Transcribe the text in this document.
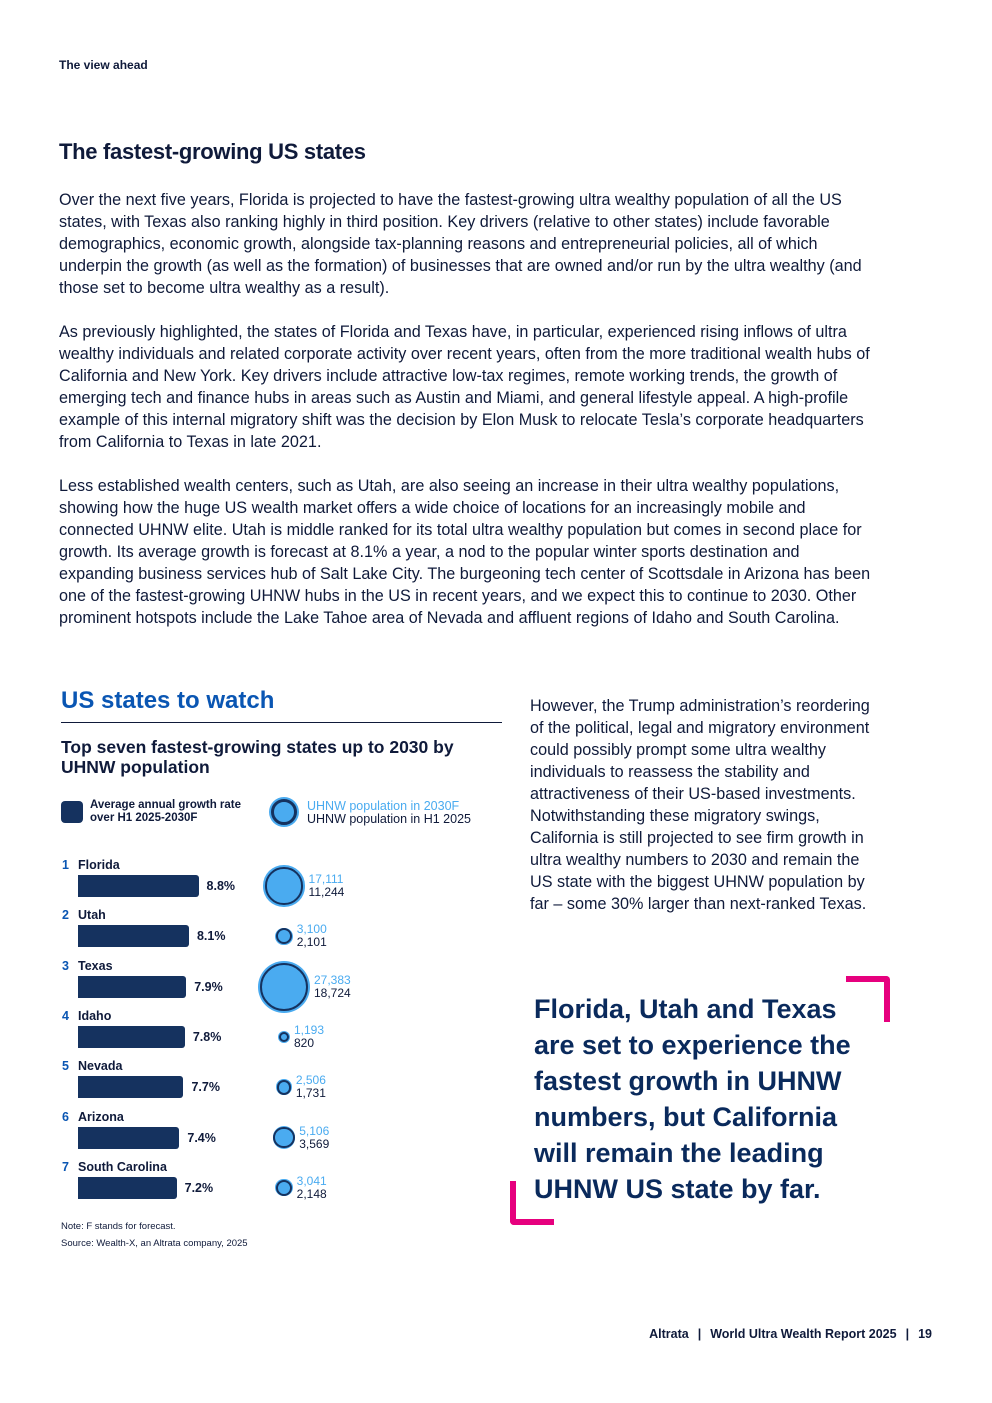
The view ahead
The fastest-growing US states

Over the next five years, Florida is projected to have the fastest-growing ultra wealthy population of all the US states, with Texas also ranking highly in third position. Key drivers (relative to other states) include favorable demographics, economic growth, alongside tax-planning reasons and entrepreneurial policies, all of which underpin the growth (as well as the formation) of businesses that are owned and/or run by the ultra wealthy (and those set to become ultra wealthy as a result).

As previously highlighted, the states of Florida and Texas have, in particular, experienced rising inflows of ultra wealthy individuals and related corporate activity over recent years, often from the more traditional wealth hubs of California and New York. Key drivers include attractive low-tax regimes, remote working trends, the growth of emerging tech and finance hubs in areas such as Austin and Miami, and general lifestyle appeal. A high-profile example of this internal migratory shift was the decision by Elon Musk to relocate Tesla’s corporate headquarters from California to Texas in late 2021.

Less established wealth centers, such as Utah, are also seeing an increase in their ultra wealthy populations, showing how the huge US wealth market offers a wide choice of locations for an increasingly mobile and connected UHNW elite. Utah is middle ranked for its total ultra wealthy population but comes in second place for growth. Its average growth is forecast at 8.1% a year, a nod to the popular winter sports destination and expanding business services hub of Salt Lake City. The burgeoning tech center of Scottsdale in Arizona has been one of the fastest-growing UHNW hubs in the US in recent years, and we expect this to continue to 2030. Other prominent hotspots include the Lake Tahoe area of Nevada and affluent regions of Idaho and South Carolina.

US states to watch
Top seven fastest-growing states up to 2030 by UHNW population
Average annual growth rate over H1 2025-2030F
UHNW population in 2030F
UHNW population in H1 2025
1 Florida
8.8%	17,111
11,244
2 Utah
8.1%	3,100
2,101
3 Texas
7.9%	27,383
18,724
4 Idaho
7.8%	1,193
820
5 Nevada
7.7%	2,506
1,731
6 Arizona
7.4%	5,106
3,569
7 South Carolina
7.2%	3,041
2,148
Note: F stands for forecast.
Source: Wealth-X, an Altrata company, 2025
However, the Trump administration’s reordering of the political, legal and migratory environment could possibly prompt some ultra wealthy individuals to reassess the stability and attractiveness of their US-based investments. Notwithstanding these migratory swings, California is still projected to see firm growth in ultra wealthy numbers to 2030 and remain the US state with the biggest UHNW population by far – some 30% larger than next-ranked Texas.
Florida, Utah and Texas are set to experience the fastest growth in UHNW numbers, but California will remain the leading UHNW US state by far.
Altrata | World Ultra Wealth Report 2025 | 19
